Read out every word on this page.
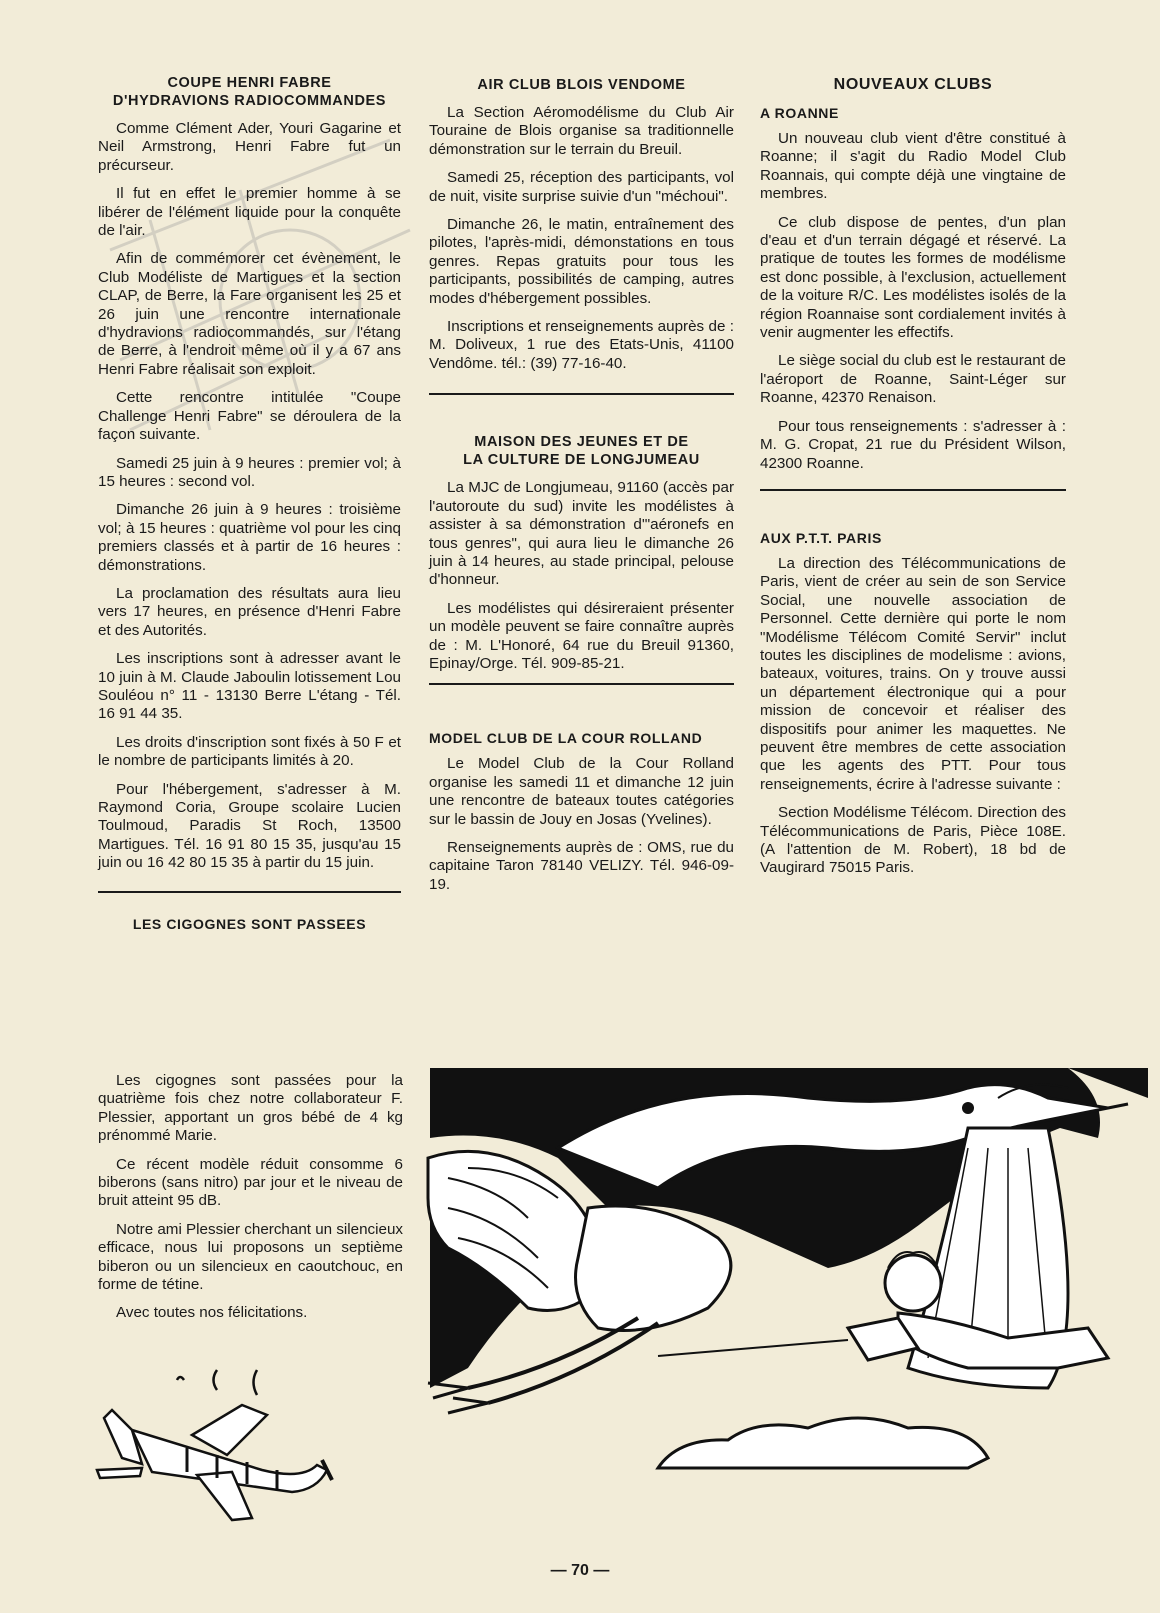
COUPE HENRI FABRE
D'HYDRAVIONS RADIOCOMMANDES

Comme Clément Ader, Youri Gagarine et Neil Armstrong, Henri Fabre fut un précurseur.

Il fut en effet le premier homme à se libérer de l'élément liquide pour la conquête de l'air.

Afin de commémorer cet évènement, le Club Modéliste de Martigues et la section CLAP, de Berre, la Fare organisent les 25 et 26 juin une rencontre internationale d'hydravions radiocommandés, sur l'étang de Berre, à l'endroit même où il y a 67 ans Henri Fabre réalisait son exploit.

Cette rencontre intitulée "Coupe Challenge Henri Fabre" se déroulera de la façon suivante.

Samedi 25 juin à 9 heures : premier vol; à 15 heures : second vol.

Dimanche 26 juin à 9 heures : troisième vol; à 15 heures : quatrième vol pour les cinq premiers classés et à partir de 16 heures : démonstrations.

La proclamation des résultats aura lieu vers 17 heures, en présence d'Henri Fabre et des Autorités.

Les inscriptions sont à adresser avant le 10 juin à M. Claude Jaboulin lotissement Lou Souléou n° 11 - 13130 Berre L'étang - Tél. 16 91 44 35.

Les droits d'inscription sont fixés à 50 F et le nombre de participants limités à 20.

Pour l'hébergement, s'adresser à M. Raymond Coria, Groupe scolaire Lucien Toulmoud, Paradis St Roch, 13500 Martigues. Tél. 16 91 80 15 35, jusqu'au 15 juin ou 16 42 80 15 35 à partir du 15 juin.

LES CIGOGNES SONT PASSEES

Les cigognes sont passées pour la quatrième fois chez notre collaborateur F. Plessier, apportant un gros bébé de 4 kg prénommé Marie.

Ce récent modèle réduit consomme 6 biberons (sans nitro) par jour et le niveau de bruit atteint 95 dB.

Notre ami Plessier cherchant un silencieux efficace, nous lui proposons un septième biberon ou un silencieux en caoutchouc, en forme de tétine.

Avec toutes nos félicitations.

AIR CLUB BLOIS VENDOME

La Section Aéromodélisme du Club Air Touraine de Blois organise sa traditionnelle démonstration sur le terrain du Breuil.

Samedi 25, réception des participants, vol de nuit, visite surprise suivie d'un "méchoui".

Dimanche 26, le matin, entraînement des pilotes, l'après-midi, démonstations en tous genres. Repas gratuits pour tous les participants, possibilités de camping, autres modes d'hébergement possibles.

Inscriptions et renseignements auprès de : M. Doliveux, 1 rue des Etats-Unis, 41100 Vendôme. tél.: (39) 77-16-40.

MAISON DES JEUNES ET DE
LA CULTURE DE LONGJUMEAU

La MJC de Longjumeau, 91160 (accès par l'autoroute du sud) invite les modélistes à assister à sa démonstration d'"aéronefs en tous genres", qui aura lieu le dimanche 26 juin à 14 heures, au stade principal, pelouse d'honneur.

Les modélistes qui désireraient présenter un modèle peuvent se faire connaître auprès de : M. L'Honoré, 64 rue du Breuil 91360, Epinay/Orge. Tél. 909-85-21.

MODEL CLUB DE LA COUR ROLLAND

Le Model Club de la Cour Rolland organise les samedi 11 et dimanche 12 juin une rencontre de bateaux toutes catégories sur le bassin de Jouy en Josas (Yvelines).

Renseignements auprès de : OMS, rue du capitaine Taron 78140 VELIZY. Tél. 946-09-19.

NOUVEAUX CLUBS
A ROANNE

Un nouveau club vient d'être constitué à Roanne; il s'agit du Radio Model Club Roannais, qui compte déjà une vingtaine de membres.

Ce club dispose de pentes, d'un plan d'eau et d'un terrain dégagé et réservé. La pratique de toutes les formes de modélisme est donc possible, à l'exclusion, actuellement de la voiture R/C. Les modélistes isolés de la région Roannaise sont cordialement invités à venir augmenter les effectifs.

Le siège social du club est le restaurant de l'aéroport de Roanne, Saint-Léger sur Roanne, 42370 Renaison.

Pour tous renseignements : s'adresser à : M. G. Cropat, 21 rue du Président Wilson, 42300 Roanne.

AUX P.T.T. PARIS

La direction des Télécommunications de Paris, vient de créer au sein de son Service Social, une nouvelle association de Personnel. Cette dernière qui porte le nom "Modélisme Télécom Comité Servir" inclut toutes les disciplines de modelisme : avions, bateaux, voitures, trains. On y trouve aussi un département électronique qui a pour mission de concevoir et réaliser des dispositifs pour animer les maquettes. Ne peuvent être membres de cette association que les agents des PTT. Pour tous renseignements, écrire à l'adresse suivante :

Section Modélisme Télécom. Direction des Télécommunications de Paris, Pièce 108E. (A l'attention de M. Robert), 18 bd de Vaugirard 75015 Paris.

— 70 —
